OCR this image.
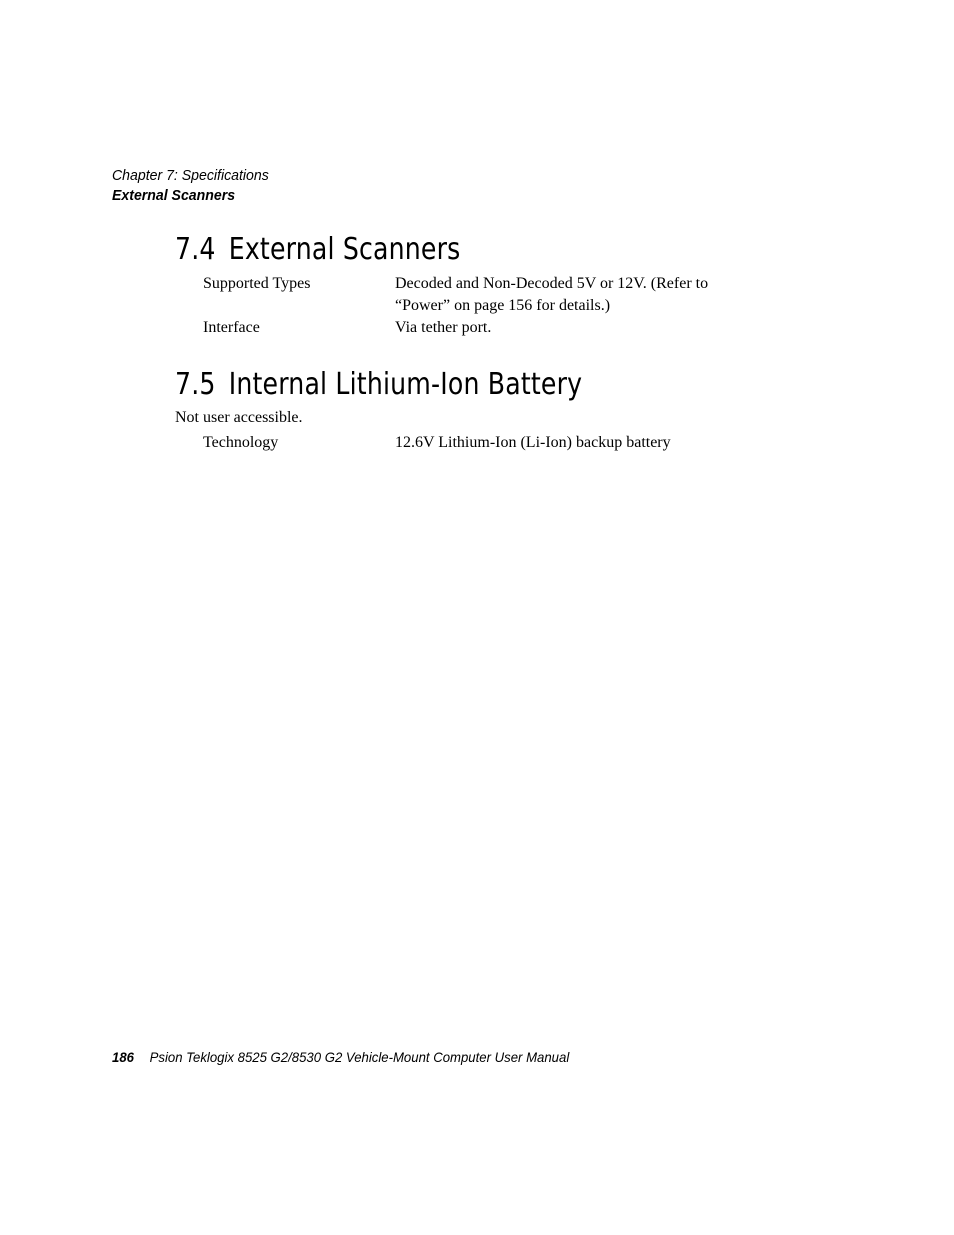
Chapter 7: Specifications
External Scanners
7.4 External Scanners
Supported Types	Decoded and Non-Decoded 5V or 12V. (Refer to
“Power” on page 156 for details.)
Interface	Via tether port.
7.5 Internal Lithium-Ion Battery

Not user accessible.

Technology	12.6V Lithium-Ion (Li-Ion) backup battery
186 Psion Teklogix 8525 G2/8530 G2 Vehicle-Mount Computer User Manual
